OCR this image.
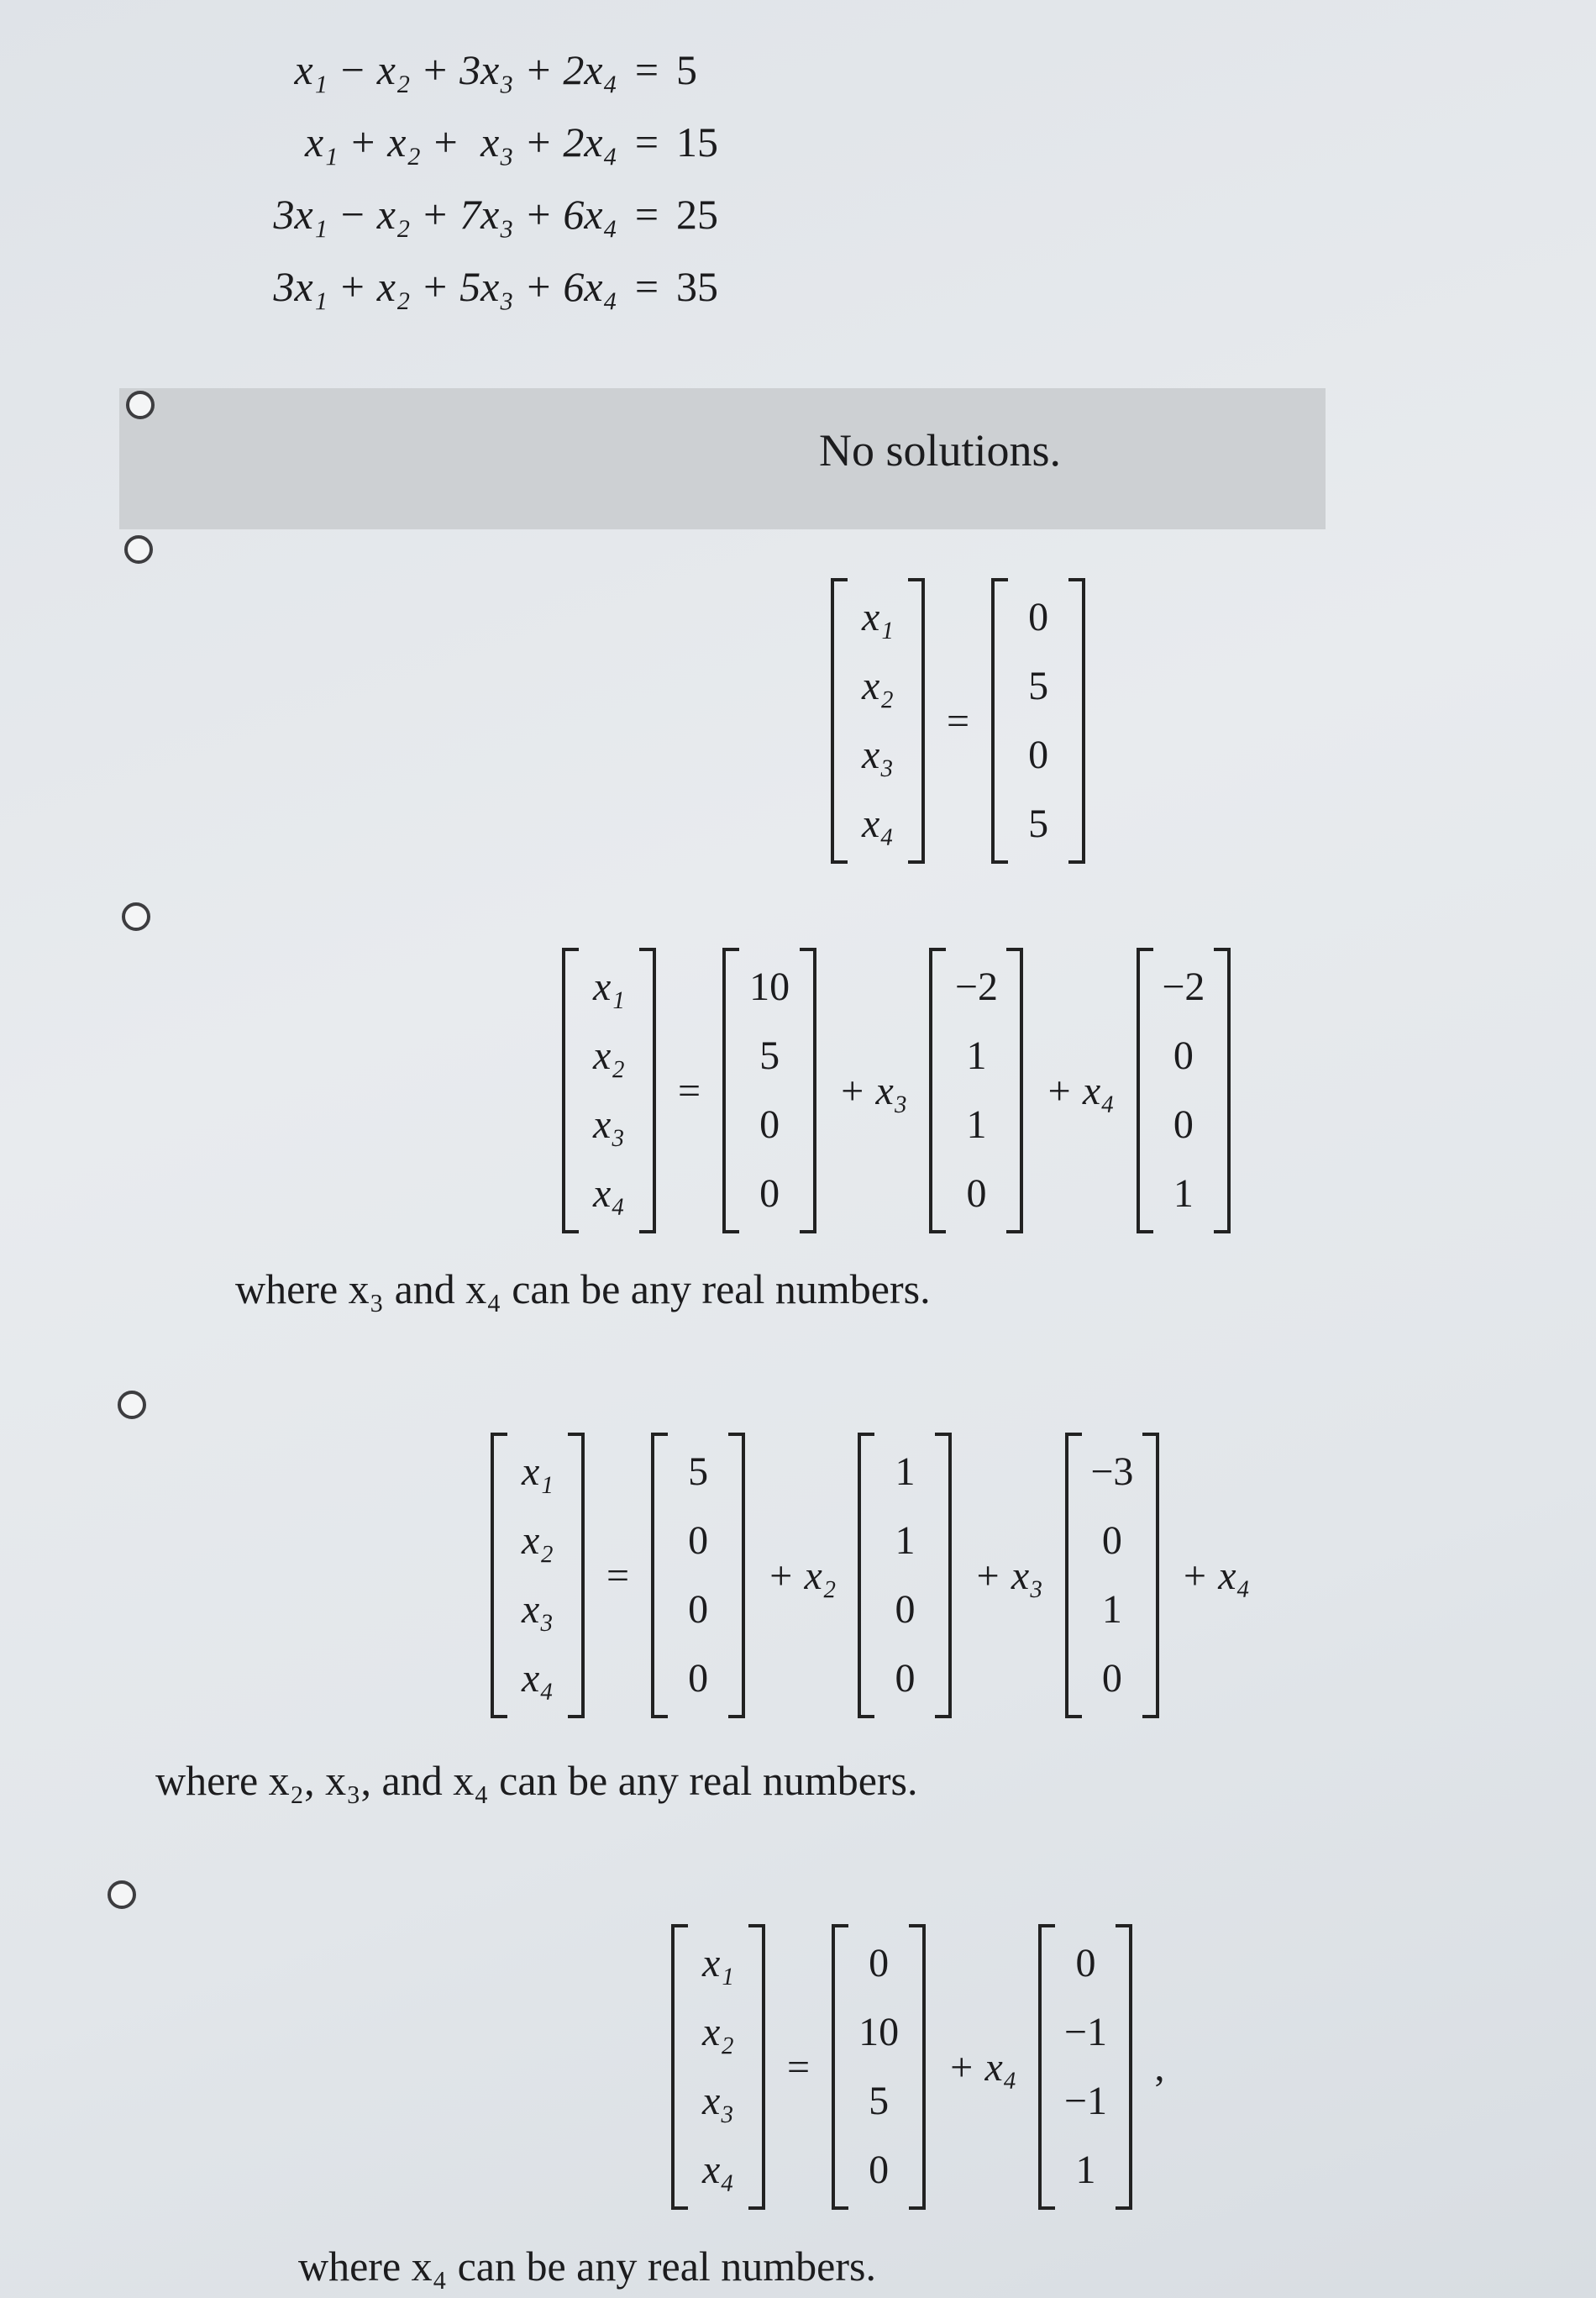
x₁ − x₂ + 3x₃ + 2x₄ = 5
x₁ + x₂ +  x₃ + 2x₄ = 15
3x₁ − x₂ + 7x₃ + 6x₄ = 25
3x₁ + x₂ + 5x₃ + 6x₄ = 35
No solutions.
x₁
x₂
x₃
x₄
=
0
5
0
5
x₁
x₂
x₃
x₄
=
10
5
0
0
+ x₃
−2
1
1
0
+ x₄
−2
0
0
1
where x₃ and x₄ can be any real numbers.
x₁
x₂
x₃
x₄
=
5
0
0
0
+ x₂
1
1
0
0
+ x₃
−3
0
1
0
+ x₄
where x₂, x₃, and x₄ can be any real numbers.
x₁
x₂
x₃
x₄
=
0
10
5
0
+ x₄
0
−1
−1
1
,
where x₄ can be any real numbers.
